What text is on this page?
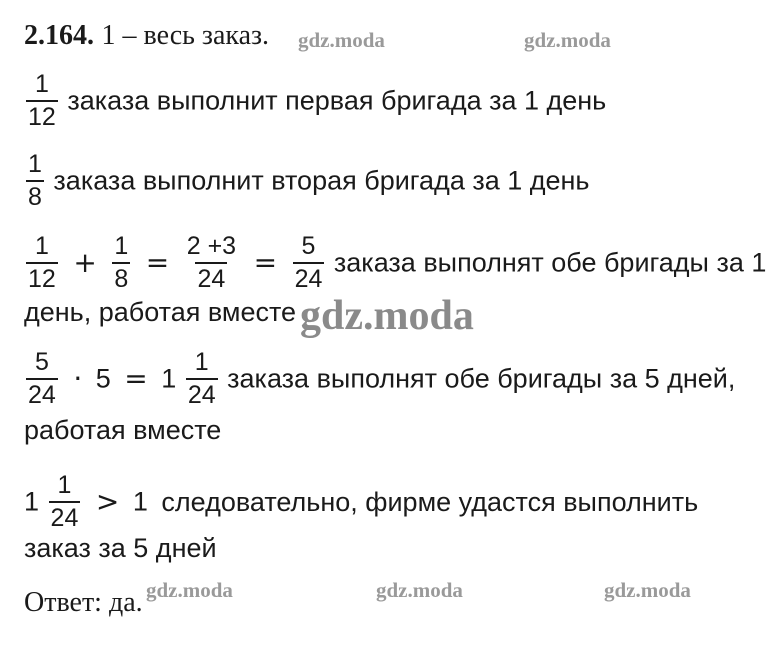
2.164. 1 – весь заказ.
$\frac{1}{12}$ заказа выполнит первая бригада за 1 день
$\frac{1}{8}$ заказа выполнит вторая бригада за 1 день
$\frac{1}{12} + \frac{1}{8} = \frac{2 +3}{24} = \frac{5}{24}$ заказа выполнят обе бригады за 1
день, работая вместе
$\frac{5}{24} \cdot 5 = 1 \frac{1}{24}$ заказа выполнят обе бригады за 5 дней,
работая вместе
$1 \frac{1}{24} > 1$ следовательно, фирме удастся выполнить
заказ за 5 дней
Ответ: да.
gdz.moda	gdz.moda
gdz.moda
gdz.moda	gdz.moda	gdz.moda
